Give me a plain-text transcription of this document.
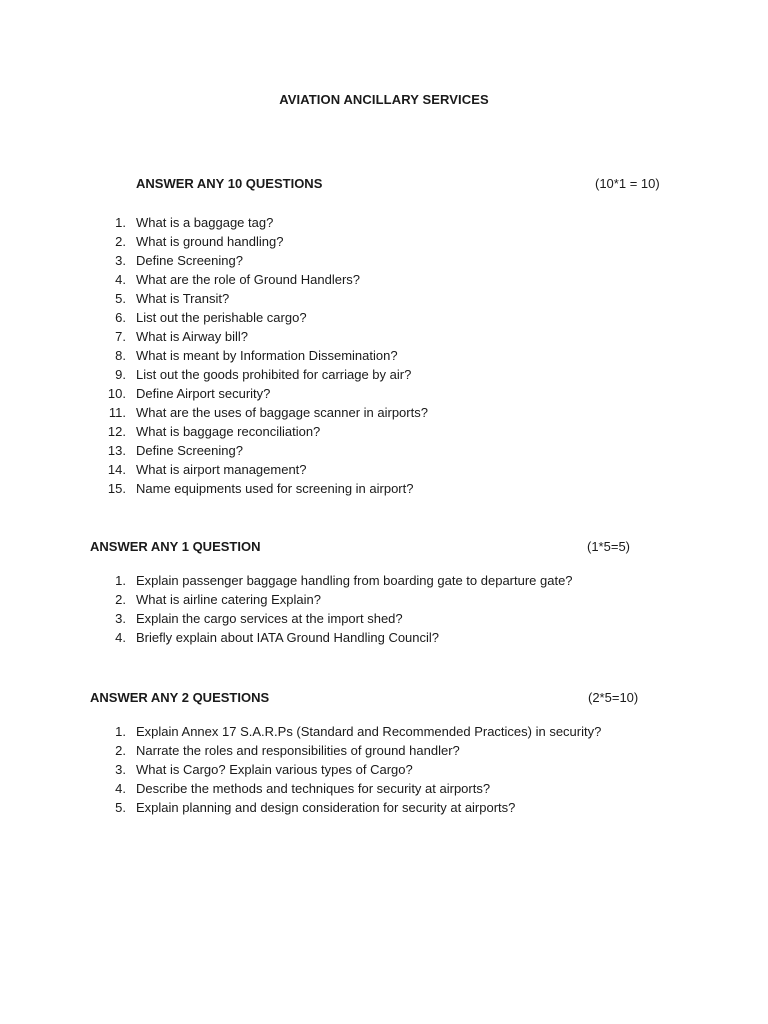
AVIATION ANCILLARY SERVICES
ANSWER ANY 10 QUESTIONS	(10*1 = 10)
1. What is a baggage tag?
2. What is ground handling?
3. Define Screening?
4. What are the role of Ground Handlers?
5. What is Transit?
6. List out the perishable cargo?
7. What is Airway bill?
8. What is meant by Information Dissemination?
9. List out the goods prohibited for carriage by air?
10. Define Airport security?
11. What are the uses of baggage scanner in airports?
12. What is baggage reconciliation?
13. Define Screening?
14. What is airport management?
15. Name equipments used for screening in airport?
ANSWER ANY 1 QUESTION	(1*5=5)
1. Explain passenger baggage handling from boarding gate to departure gate?
2. What is airline catering Explain?
3. Explain the cargo services at the import shed?
4. Briefly explain about IATA Ground Handling Council?
ANSWER ANY 2 QUESTIONS	(2*5=10)
1. Explain Annex 17 S.A.R.Ps (Standard and Recommended Practices) in security?
2. Narrate the roles and responsibilities of ground handler?
3. What is Cargo? Explain various types of Cargo?
4. Describe the methods and techniques for security at airports?
5. Explain planning and design consideration for security at airports?
